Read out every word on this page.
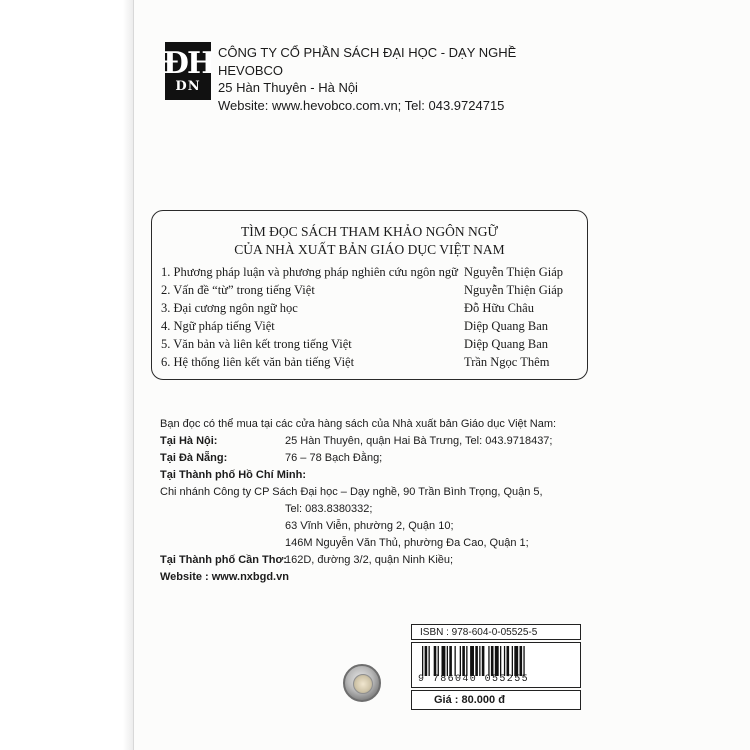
ĐH
DN
CÔNG TY CỔ PHẦN SÁCH ĐẠI HỌC - DẠY NGHỀ
HEVOBCO
25 Hàn Thuyên - Hà Nội
Website: www.hevobco.com.vn; Tel: 043.9724715
TÌM ĐỌC SÁCH THAM KHẢO NGÔN NGỮ
CỦA NHÀ XUẤT BẢN GIÁO DỤC VIỆT NAM
1. Phương pháp luận và phương pháp nghiên cứu ngôn ngữ Nguyễn Thiện Giáp
2. Vấn đề “từ” trong tiếng Việt	Nguyễn Thiện Giáp
3. Đại cương ngôn ngữ học	Đỗ Hữu Châu
4. Ngữ pháp tiếng Việt	Diệp Quang Ban
5. Văn bản và liên kết trong tiếng Việt	Diệp Quang Ban
6. Hệ thống liên kết văn bản tiếng Việt	Trần Ngọc Thêm
Bạn đọc có thể mua tại các cửa hàng sách của Nhà xuất bản Giáo dục Việt Nam:
Tại Hà Nội:	25 Hàn Thuyên, quận Hai Bà Trưng, Tel: 043.9718437;
Tại Đà Nẵng:	76 – 78 Bạch Đằng;
Tại Thành phố Hồ Chí Minh:
Chi nhánh Công ty CP Sách Đại học – Dạy nghề, 90 Trần Bình Trọng, Quận 5,
Tel: 083.8380332;
63 Vĩnh Viễn, phường 2, Quận 10;
146M Nguyễn Văn Thủ, phường Đa Cao, Quận 1;
Tại Thành phố Cần Thơ:
162D, đường 3/2, quận Ninh Kiều;
Website : www.nxbgd.vn
ISBN : 978-604-0-05525-5
9 786040 055255
Giá : 80.000 đ
